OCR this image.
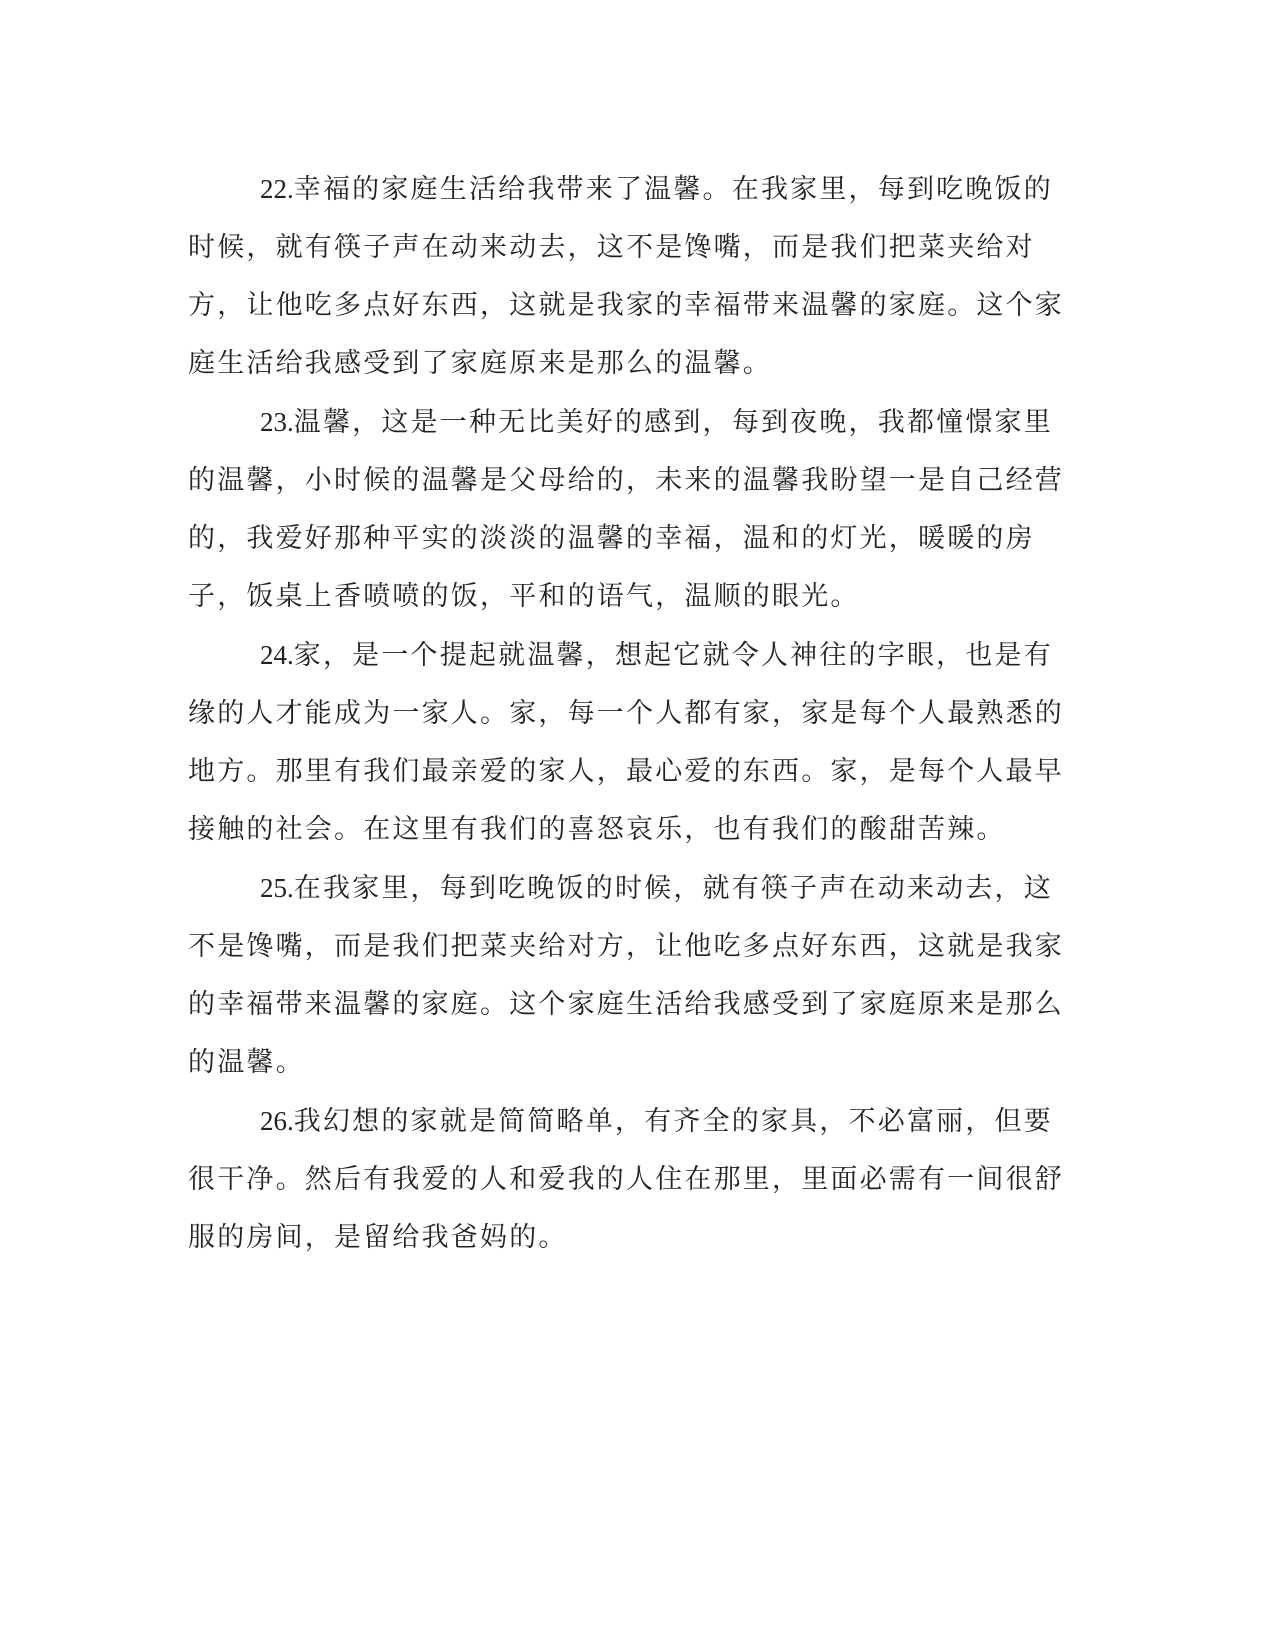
22.幸福的家庭生活给我带来了温馨。在我家里，每到吃晚饭的时候，就有筷子声在动来动去，这不是馋嘴，而是我们把菜夹给对方，让他吃多点好东西，这就是我家的幸福带来温馨的家庭。这个家庭生活给我感受到了家庭原来是那么的温馨。

23.温馨，这是一种无比美好的感到，每到夜晚，我都憧憬家里的温馨，小时候的温馨是父母给的，未来的温馨我盼望一是自己经营的，我爱好那种平实的淡淡的温馨的幸福，温和的灯光，暖暖的房子，饭桌上香喷喷的饭，平和的语气，温顺的眼光。

24.家，是一个提起就温馨，想起它就令人神往的字眼，也是有缘的人才能成为一家人。家，每一个人都有家，家是每个人最熟悉的地方。那里有我们最亲爱的家人，最心爱的东西。家，是每个人最早接触的社会。在这里有我们的喜怒哀乐，也有我们的酸甜苦辣。

25.在我家里，每到吃晚饭的时候，就有筷子声在动来动去，这不是馋嘴，而是我们把菜夹给对方，让他吃多点好东西，这就是我家的幸福带来温馨的家庭。这个家庭生活给我感受到了家庭原来是那么的温馨。

26.我幻想的家就是简简略单，有齐全的家具，不必富丽，但要很干净。然后有我爱的人和爱我的人住在那里，里面必需有一间很舒服的房间，是留给我爸妈的。
